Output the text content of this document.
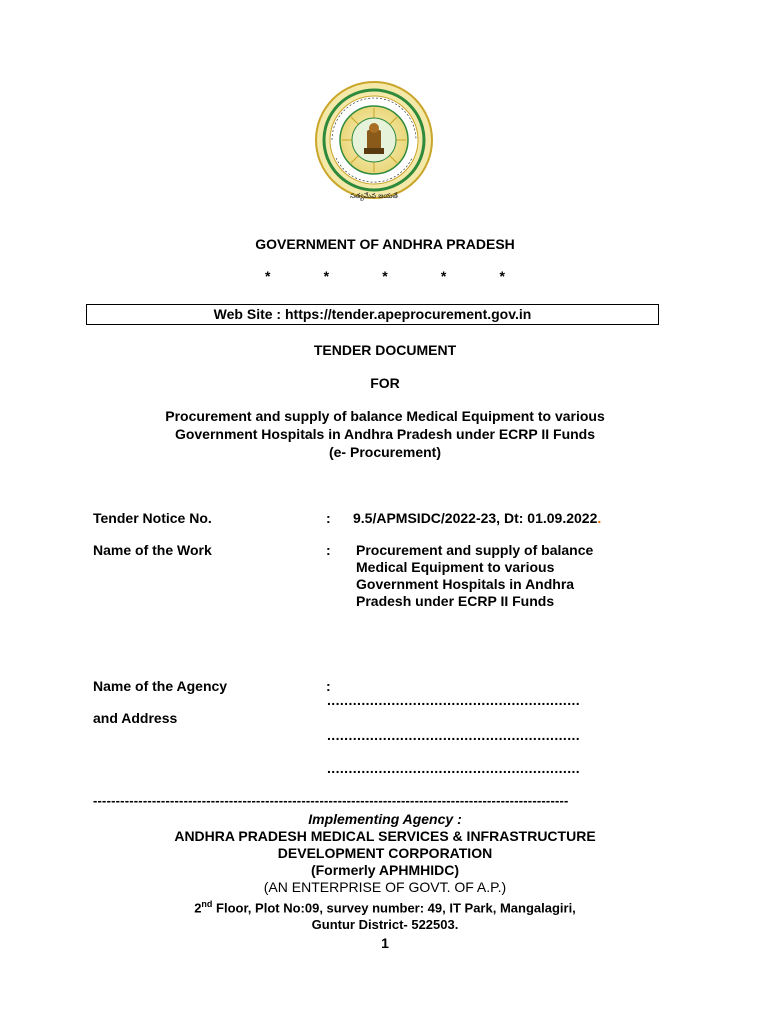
సత్యమేవ జయతే
GOVERNMENT OF ANDHRA PRADESH
*	*	*	*	*
Web Site : https://tender.apeprocurement.gov.in
TENDER DOCUMENT
FOR
Procurement and supply of balance Medical Equipment to various
Government Hospitals in Andhra Pradesh under ECRP II Funds
(e- Procurement)
Tender Notice No.	: 9.5/APMSIDC/2022-23, Dt: 01.09.2022.
Name of the Work	: Procurement and supply of balance
Medical Equipment to various
Government Hospitals in Andhra
Pradesh under ECRP II Funds
Name of the Agency	:
and Address
...........................................................
...........................................................
...........................................................
---------------------------------------------------------------------------------------------------------
Implementing Agency :
ANDHRA PRADESH MEDICAL SERVICES & INFRASTRUCTURE
DEVELOPMENT CORPORATION
(Formerly APHMHIDC)
(AN ENTERPRISE OF GOVT. OF A.P.)
2nd Floor, Plot No:09, survey number: 49, IT Park, Mangalagiri,
Guntur District- 522503.
1
